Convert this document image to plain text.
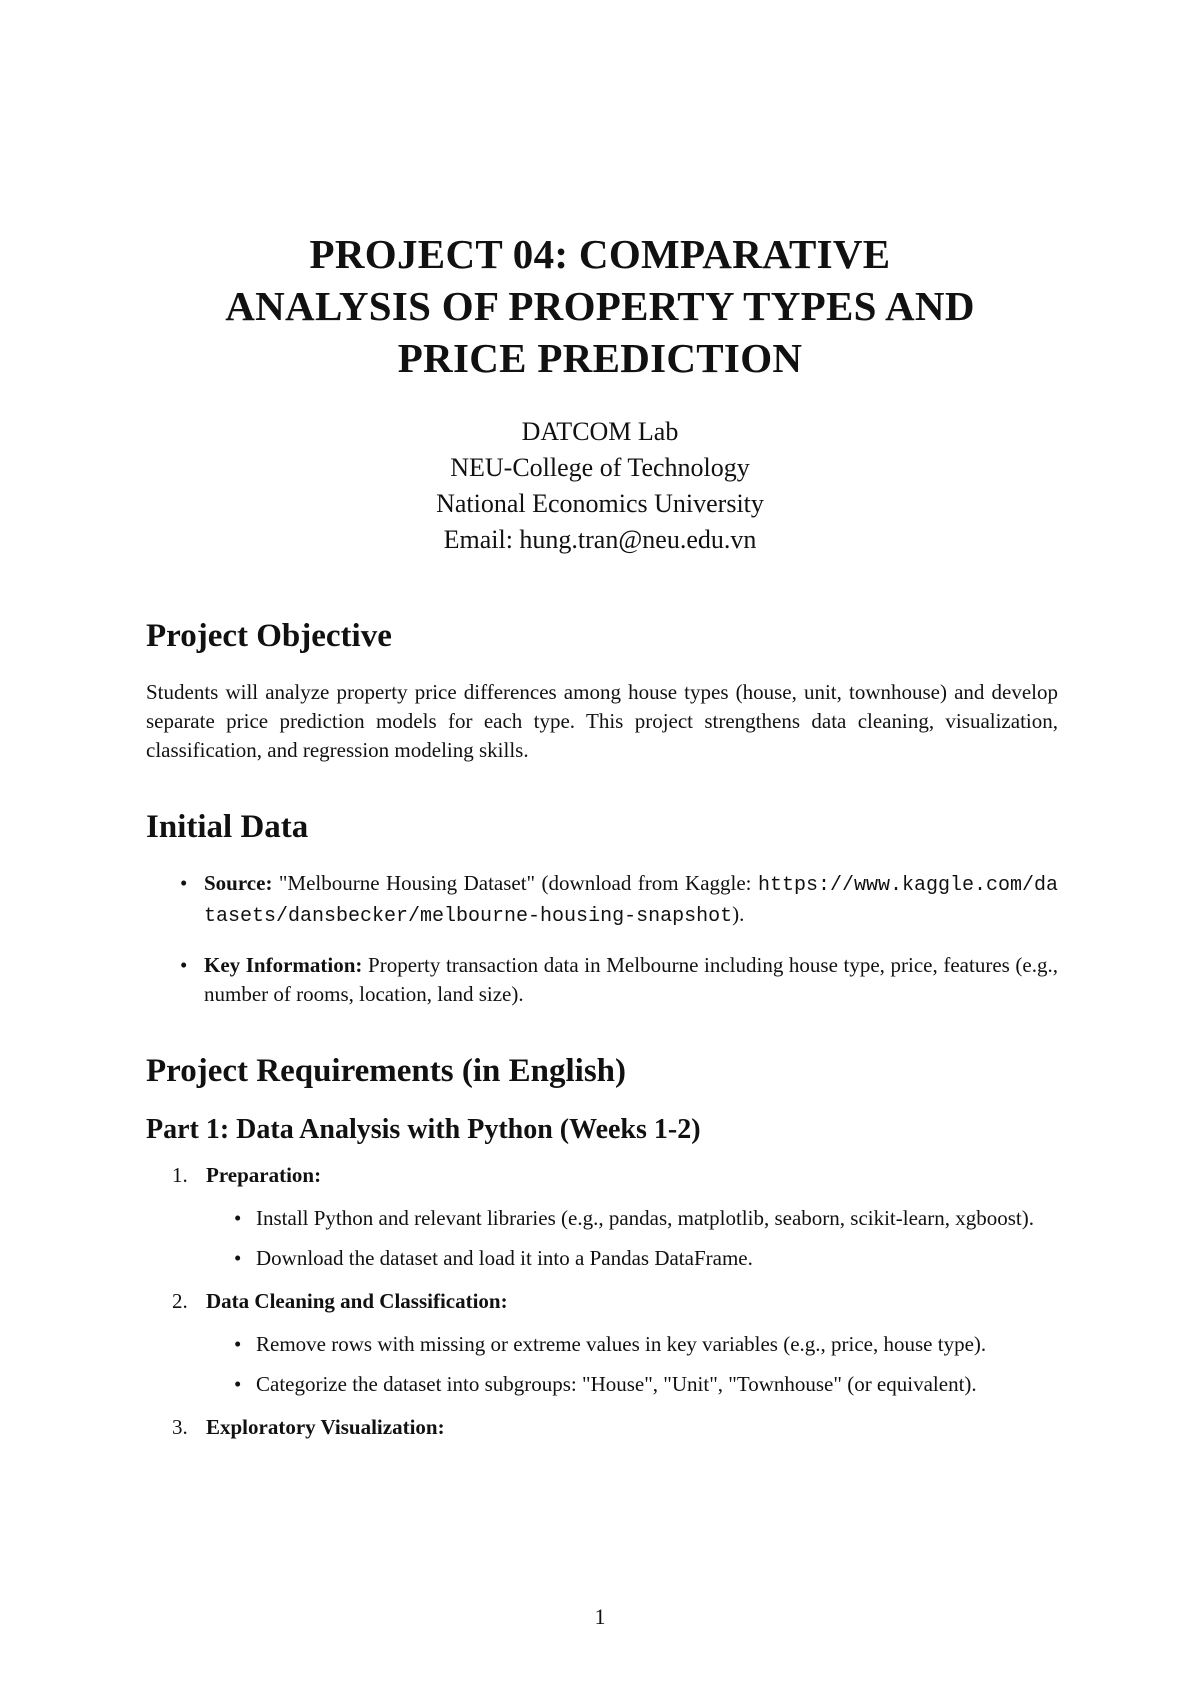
PROJECT 04: COMPARATIVE
ANALYSIS OF PROPERTY TYPES AND
PRICE PREDICTION
DATCOM Lab
NEU-College of Technology
National Economics University
Email: hung.tran@neu.edu.vn
Project Objective

Students will analyze property price differences among house types (house, unit, townhouse) and develop separate price prediction models for each type. This project strengthens data cleaning, visualization, classification, and regression modeling skills.

Initial Data
• Source: "Melbourne Housing Dataset" (download from Kaggle: https://www.kaggle.com/datasets/dansbecker/melbourne-housing-snapshot).
• Key Information: Property transaction data in Melbourne including house type, price, features (e.g., number of rooms, location, land size).
Project Requirements (in English)
Part 1: Data Analysis with Python (Weeks 1-2)
1. Preparation:
• Install Python and relevant libraries (e.g., pandas, matplotlib, seaborn, scikit-learn, xgboost).
• Download the dataset and load it into a Pandas DataFrame.
2. Data Cleaning and Classification:
• Remove rows with missing or extreme values in key variables (e.g., price, house type).
• Categorize the dataset into subgroups: "House", "Unit", "Townhouse" (or equivalent).
3. Exploratory Visualization:
1
